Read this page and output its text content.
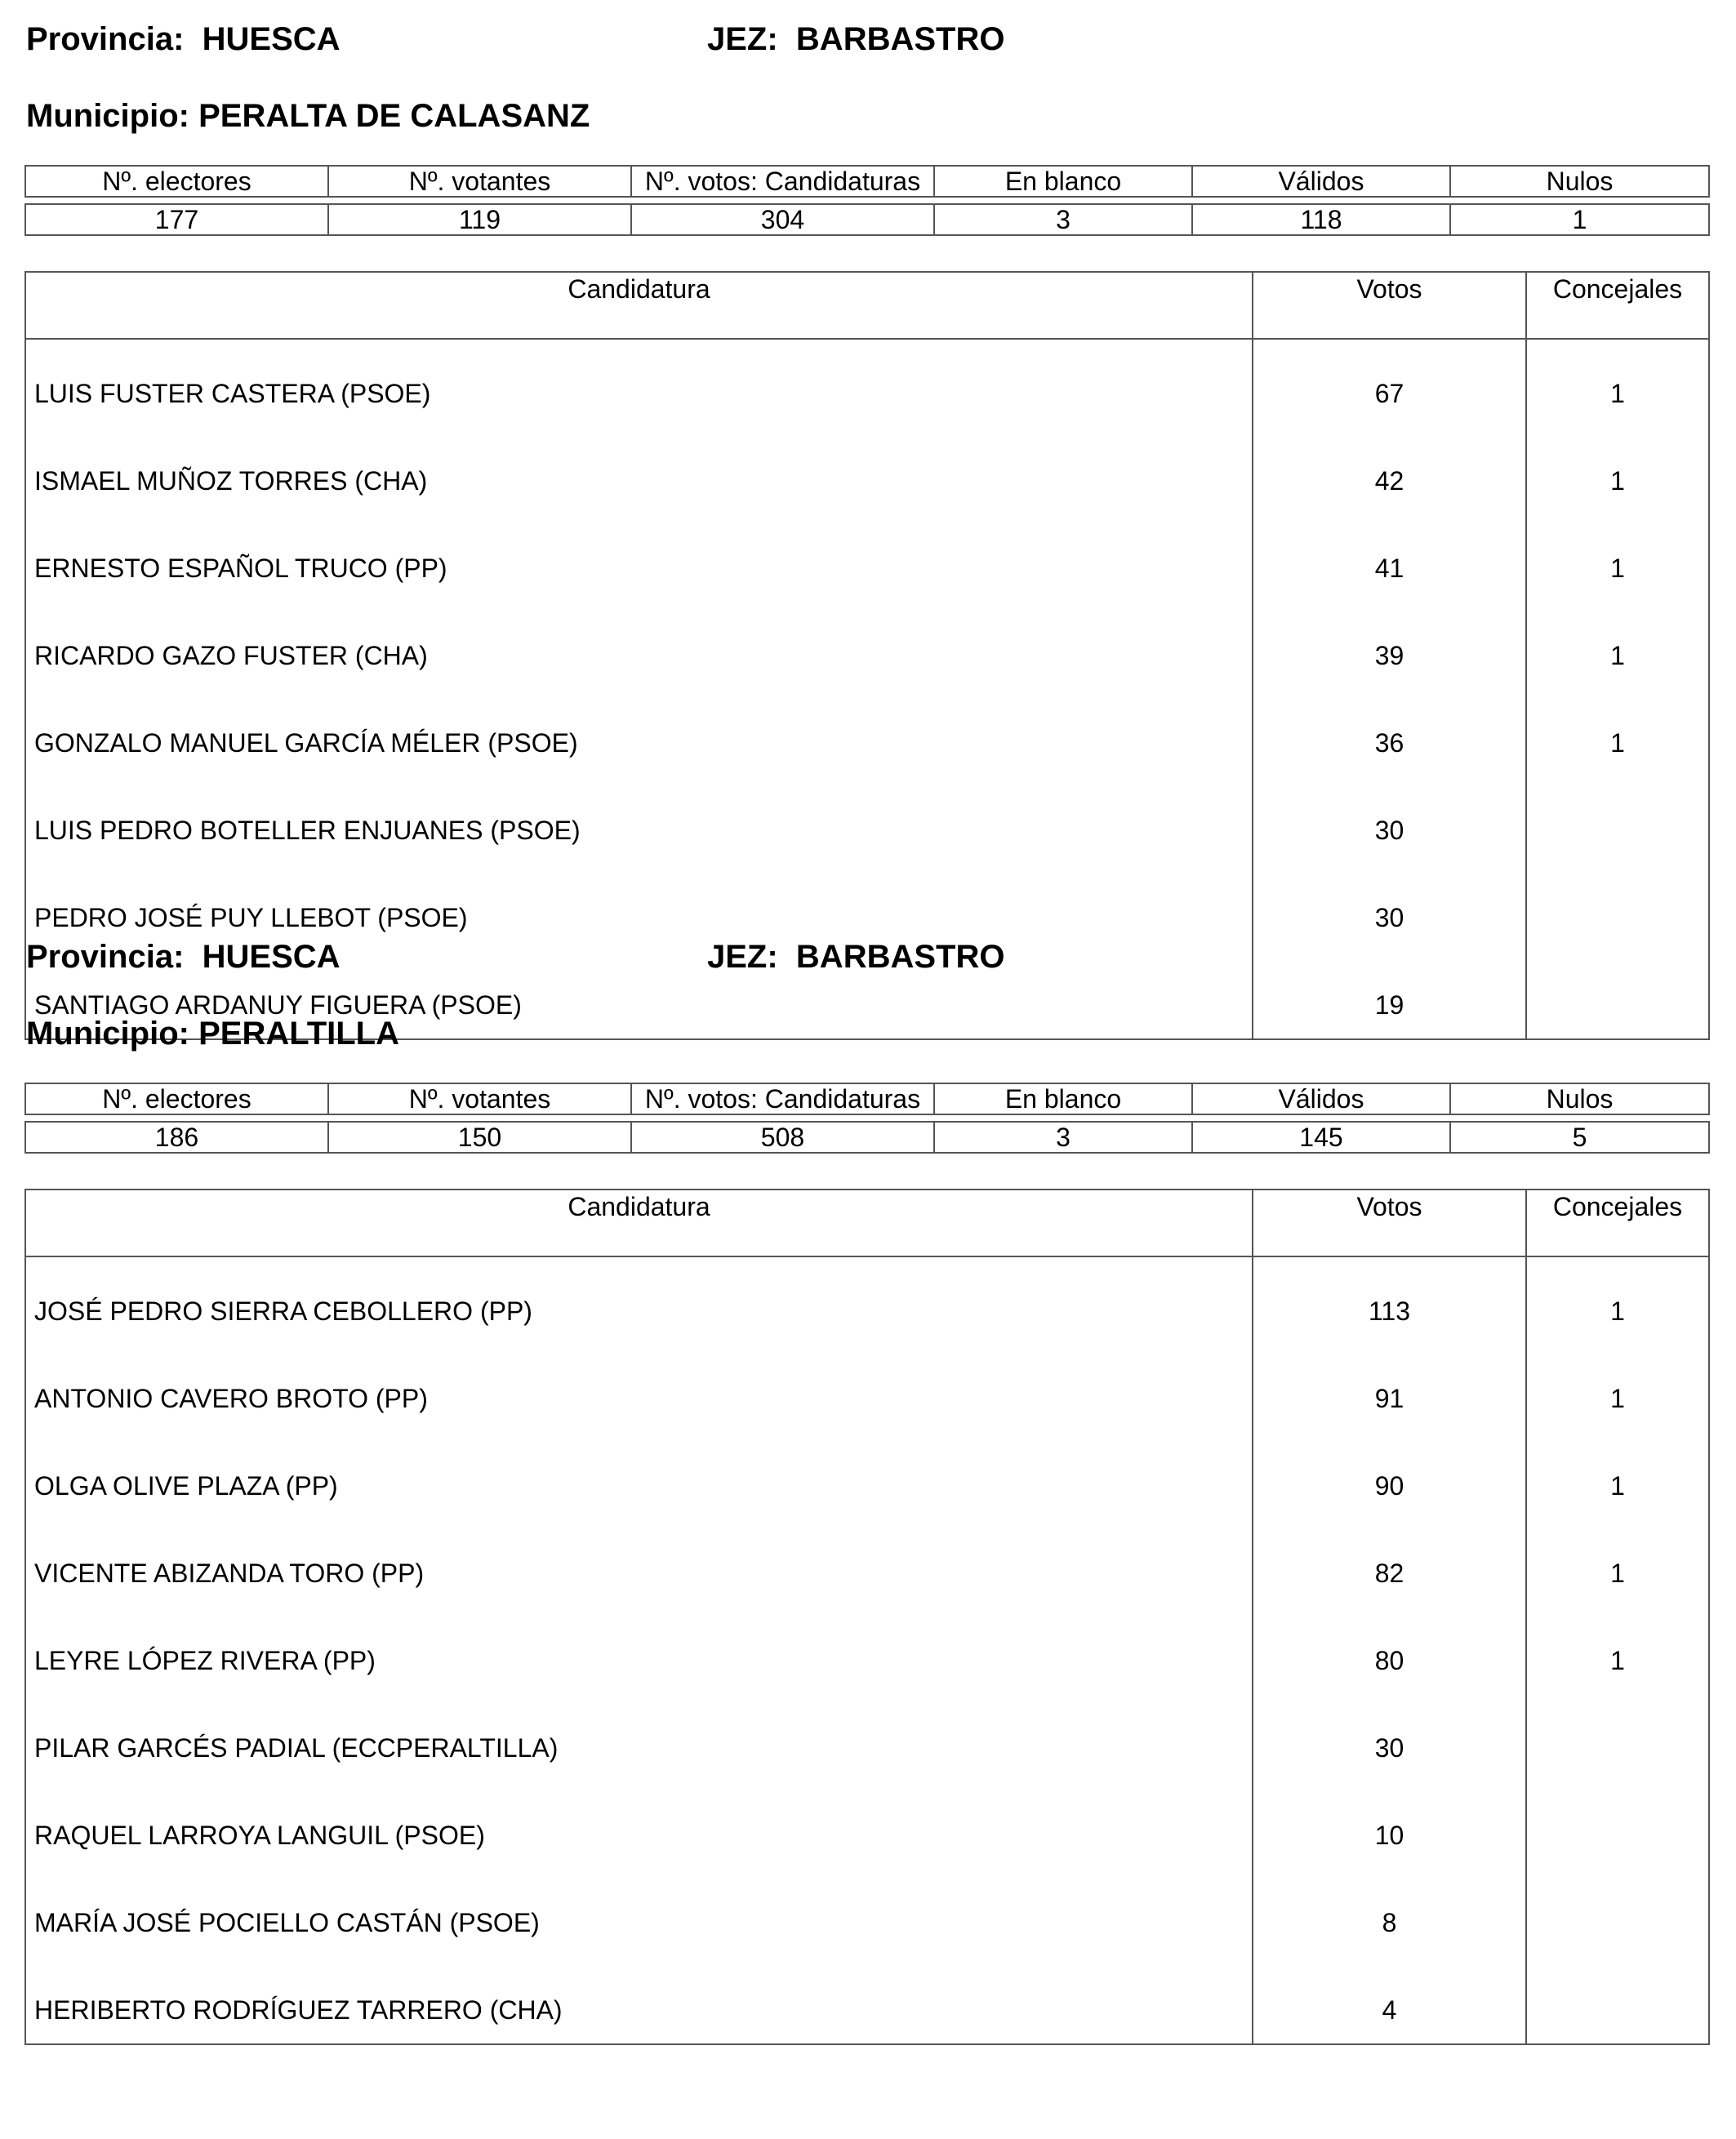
Provincia: HUESCA	JEZ: BARBASTRO
Municipio: PERALTA DE CALASANZ
Nº. electores	Nº. votantes	Nº. votos: Candidaturas	En blanco	Válidos	Nulos

177	119	304	3	118	1
Candidatura	Votos	Concejales
LUIS FUSTER CASTERA (PSOE)	67	1
ISMAEL MUÑOZ TORRES (CHA)	42	1
ERNESTO ESPAÑOL TRUCO (PP)	41	1
RICARDO GAZO FUSTER (CHA)	39	1
GONZALO MANUEL GARCÍA MÉLER (PSOE)	36	1
LUIS PEDRO BOTELLER ENJUANES (PSOE)	30	
PEDRO JOSÉ PUY LLEBOT (PSOE)	30	
SANTIAGO ARDANUY FIGUERA (PSOE)	19	
Provincia: HUESCA	JEZ: BARBASTRO
Municipio: PERALTILLA
Nº. electores	Nº. votantes	Nº. votos: Candidaturas	En blanco	Válidos	Nulos

186	150	508	3	145	5
Candidatura	Votos	Concejales
JOSÉ PEDRO SIERRA CEBOLLERO (PP)	113	1
ANTONIO CAVERO BROTO (PP)	91	1
OLGA OLIVE PLAZA (PP)	90	1
VICENTE ABIZANDA TORO (PP)	82	1
LEYRE LÓPEZ RIVERA (PP)	80	1
PILAR GARCÉS PADIAL (ECCPERALTILLA)	30	
RAQUEL LARROYA LANGUIL (PSOE)	10	
MARÍA JOSÉ POCIELLO CASTÁN (PSOE)	8	
HERIBERTO RODRÍGUEZ TARRERO (CHA)	4	
